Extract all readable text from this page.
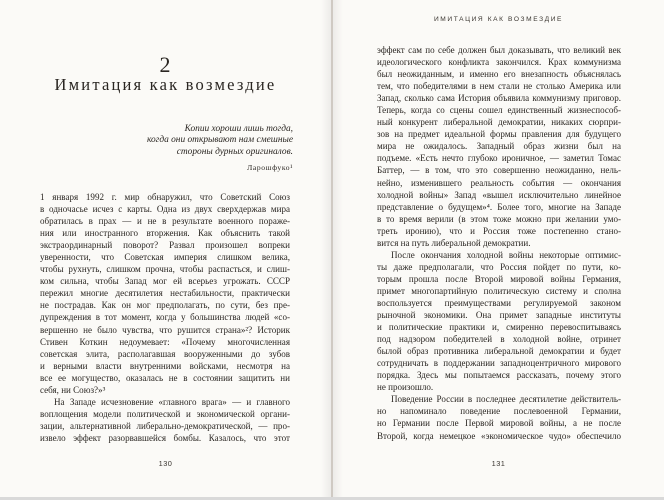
2
Имитация как возмездие
Копии хороши лишь тогда,
когда они открывают нам смешные
стороны дурных оригиналов.
Ларошфуко¹
1 января 1992 г. мир обнаружил, что Советский Союз
в одночасье исчез с карты. Одна из двух сверхдержав мира
обратилась в прах — и не в результате военного пораже-
ния или иностранного вторжения. Как объяснить такой
экстраординарный поворот? Развал произошел вопреки
уверенности, что Советская империя слишком велика,
чтобы рухнуть, слишком прочна, чтобы распасться, и слиш-
ком сильна, чтобы Запад мог ей всерьез угрожать. СССР
пережил многие десятилетия нестабильности, практически
не пострадав. Как он мог предполагать, по сути, без пре-
дупреждения в тот момент, когда у большинства людей «со-
вершенно не было чувства, что рушится страна»²? Историк
Стивен Коткин недоумевает: «Почему многочисленная
советская элита, располагавшая вооруженными до зубов
и верными власти внутренними войсками, несмотря на
все ее могущество, оказалась не в состоянии защитить ни
себя, ни Союз?»³
На Западе исчезновение «главного врага» — и главного
воплощения модели политической и экономической органи-
зации, альтернативной либерально-демократической, — про-
извело эффект разорвавшейся бомбы. Казалось, что этот
130
ИМИТАЦИЯ КАК ВОЗМЕЗДИЕ
эффект сам по себе должен был доказывать, что великий век
идеологического конфликта закончился. Крах коммунизма
был неожиданным, и именно его внезапность объяснялась
тем, что победителями в нем стали не столько Америка или
Запад, сколько сама История объявила коммунизму приговор.
Теперь, когда со сцены сошел единственный жизнеспособ-
ный конкурент либеральной демократии, никаких сюрпри-
зов на предмет идеальной формы правления для будущего
мира не ожидалось. Западный образ жизни был на
подъеме. «Есть нечто глубоко ироничное, — заметил Томас
Баттер, — в том, что это совершенно неожиданно, нель-
нейно, изменившего реальность события — окончания
холодной войны» Запад «вышел исключительно линейное
представление о будущем»⁴. Более того, многие на Западе
в то время верили (в этом тоже можно при желании умо-
треть иронию), что и Россия тоже постепенно стано-
вится на путь либеральной демократии.
После окончания холодной войны некоторые оптимис-
ты даже предполагали, что Россия пойдет по пути, ко-
торым прошла после Второй мировой войны Германия,
примет многопартийную политическую систему и сполна
воспользуется преимуществами регулируемой законом
рыночной экономики. Она примет западные институты
и политические практики и, смиренно перевоспитываясь
под надзором победителей в холодной войне, отринет
былой образ противника либеральной демократии и будет
сотрудничать в поддержании западноцентричного мирового
порядка. Здесь мы попытаемся рассказать, почему этого
не произошло.
Поведение России в последнее десятилетие действитель-
но напоминало поведение послевоенной Германии,
но Германии после Первой мировой войны, а не после
Второй, когда немецкое «экономическое чудо» обеспечило
131
